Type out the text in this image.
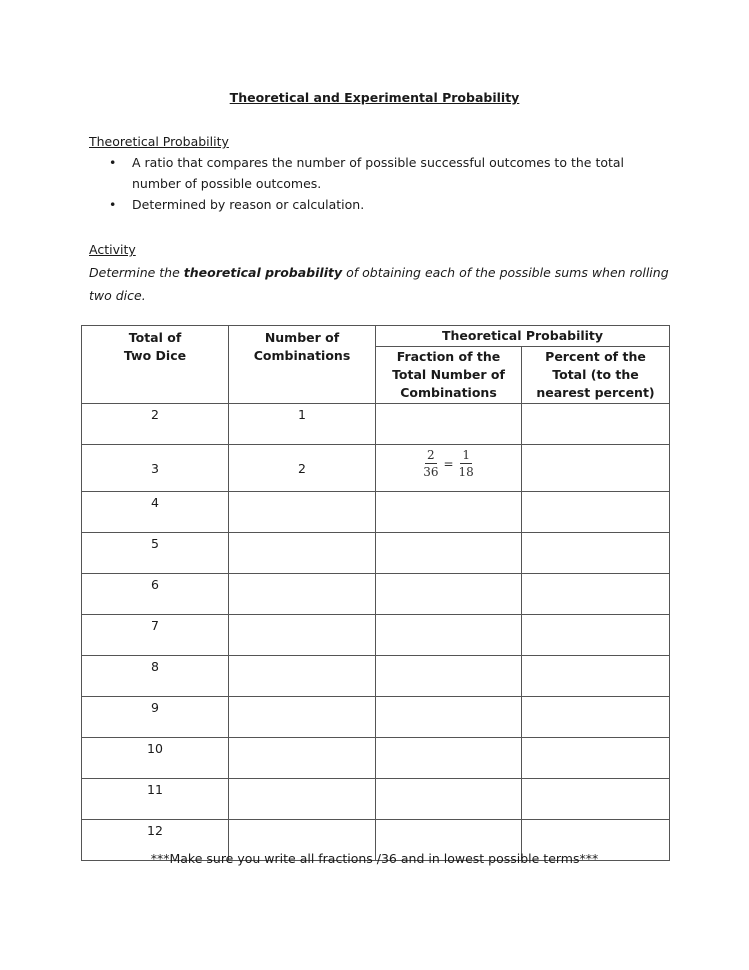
Theoretical and Experimental Probability
Theoretical Probability
• A ratio that compares the number of possible successful outcomes to the total number of possible outcomes.
• Determined by reason or calculation.
Activity
Determine the theoretical probability of obtaining each of the possible sums when rolling two dice.
Total of Two Dice	Number of Combinations	Theoretical Probability	

		Fraction of the Total Number of Combinations	Percent of the Total (to the nearest percent)

2	1		
3	2	$\frac{2}{36} = \frac{1}{18}$

4			
5			
6			
7			
8			
9			
10			
11			
12			
***Make sure you write all fractions /36 and in lowest possible terms***
